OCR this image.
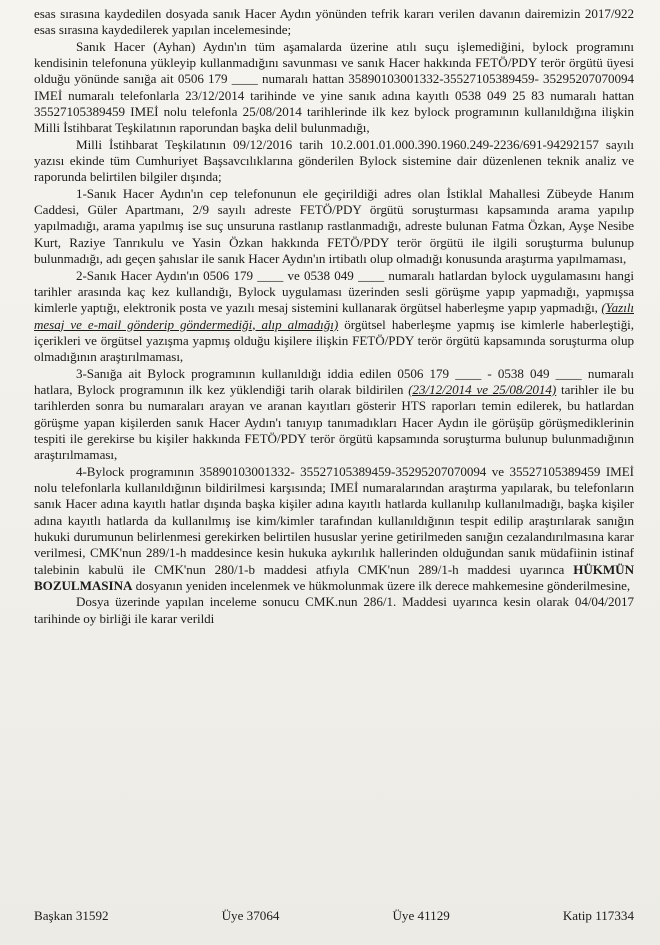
esas sırasına kaydedilen dosyada sanık Hacer Aydın yönünden tefrik kararı verilen davanın dairemizin 2017/922 esas sırasına kaydedilerek yapılan incelemesinde;

Sanık Hacer (Ayhan) Aydın'ın tüm aşamalarda üzerine atılı suçu işlemediğini, bylock programını kendisinin telefonuna yükleyip kullanmadığını savunması ve sanık Hacer hakkında FETÖ/PDY terör örgütü üyesi olduğu yönünde sanığa ait 0506 179 ____ numaralı hattan 35890103001332-35527105389459- 35295207070094 IMEİ numaralı telefonlarla 23/12/2014 tarihinde ve yine sanık adına kayıtlı 0538 049 25 83 numaralı hattan 35527105389459 IMEİ nolu telefonla 25/08/2014 tarihlerinde ilk kez bylock programının kullanıldığına ilişkin Milli İstihbarat Teşkilatının raporundan başka delil bulunmadığı,

Milli İstihbarat Teşkilatının 09/12/2016 tarih 10.2.001.01.000.390.1960.249-2236/691-94292157 sayılı yazısı ekinde tüm Cumhuriyet Başsavcılıklarına gönderilen Bylock sistemine dair düzenlenen teknik analiz ve raporunda belirtilen bilgiler dışında;

1-Sanık Hacer Aydın'ın cep telefonunun ele geçirildiği adres olan İstiklal Mahallesi Zübeyde Hanım Caddesi, Güler Apartmanı, 2/9 sayılı adreste FETÖ/PDY örgütü soruşturması kapsamında arama yapılıp yapılmadığı, arama yapılmış ise suç unsuruna rastlanıp rastlanmadığı, adreste bulunan Fatma Özkan, Ayşe Nesibe Kurt, Raziye Tanrıkulu ve Yasin Özkan hakkında FETÖ/PDY terör örgütü ile ilgili soruşturma bulunup bulunmadığı, adı geçen şahıslar ile sanık Hacer Aydın'ın irtibatlı olup olmadığı konusunda araştırma yapılmaması,

2-Sanık Hacer Aydın'ın 0506 179 ____ ve 0538 049 ____ numaralı hatlardan bylock uygulamasını hangi tarihler arasında kaç kez kullandığı, Bylock uygulaması üzerinden sesli görüşme yapıp yapmadığı, yapmışsa kimlerle yaptığı, elektronik posta ve yazılı mesaj sistemini kullanarak örgütsel haberleşme yapıp yapmadığı, (Yazılı mesaj ve e-mail gönderip göndermediği, alıp almadığı) örgütsel haberleşme yapmış ise kimlerle haberleştiği, içerikleri ve örgütsel yazışma yapmış olduğu kişilere ilişkin FETÖ/PDY terör örgütü kapsamında soruşturma olup olmadığının araştırılmaması,

3-Sanığa ait Bylock programının kullanıldığı iddia edilen 0506 179 ____ - 0538 049 ____ numaralı hatlara, Bylock programının ilk kez yüklendiği tarih olarak bildirilen (23/12/2014 ve 25/08/2014) tarihler ile bu tarihlerden sonra bu numaraları arayan ve aranan kayıtları gösterir HTS raporları temin edilerek, bu hatlardan görüşme yapan kişilerden sanık Hacer Aydın'ı tanıyıp tanımadıkları Hacer Aydın ile görüşüp görüşmediklerinin tespiti ile gerekirse bu kişiler hakkında FETÖ/PDY terör örgütü kapsamında soruşturma bulunup bulunmadığının araştırılmaması,

4-Bylock programının 35890103001332- 35527105389459-35295207070094 ve 35527105389459 IMEİ nolu telefonlarla kullanıldığının bildirilmesi karşısında; IMEİ numaralarından araştırma yapılarak, bu telefonların sanık Hacer adına kayıtlı hatlar dışında başka kişiler adına kayıtlı hatlarda kullanılıp kullanılmadığı, başka kişiler adına kayıtlı hatlarda da kullanılmış ise kim/kimler tarafından kullanıldığının tespit edilip araştırılarak sanığın hukuki durumunun belirlenmesi gerekirken belirtilen hususlar yerine getirilmeden sanığın cezalandırılmasına karar verilmesi, CMK'nun 289/1-h maddesince kesin hukuka aykırılık hallerinden olduğundan sanık müdafiinin istinaf talebinin kabulü ile CMK'nun 280/1-b maddesi atfıyla CMK'nun 289/1-h maddesi uyarınca HÜKMÜN BOZULMASINA dosyanın yeniden incelenmek ve hükmolunmak üzere ilk derece mahkemesine gönderilmesine,

Dosya üzerinde yapılan inceleme sonucu CMK.nun 286/1. Maddesi uyarınca kesin olarak 04/04/2017 tarihinde oy birliği ile karar verildi

Başkan 31592	Üye 37064	Üye 41129	Katip 117334
